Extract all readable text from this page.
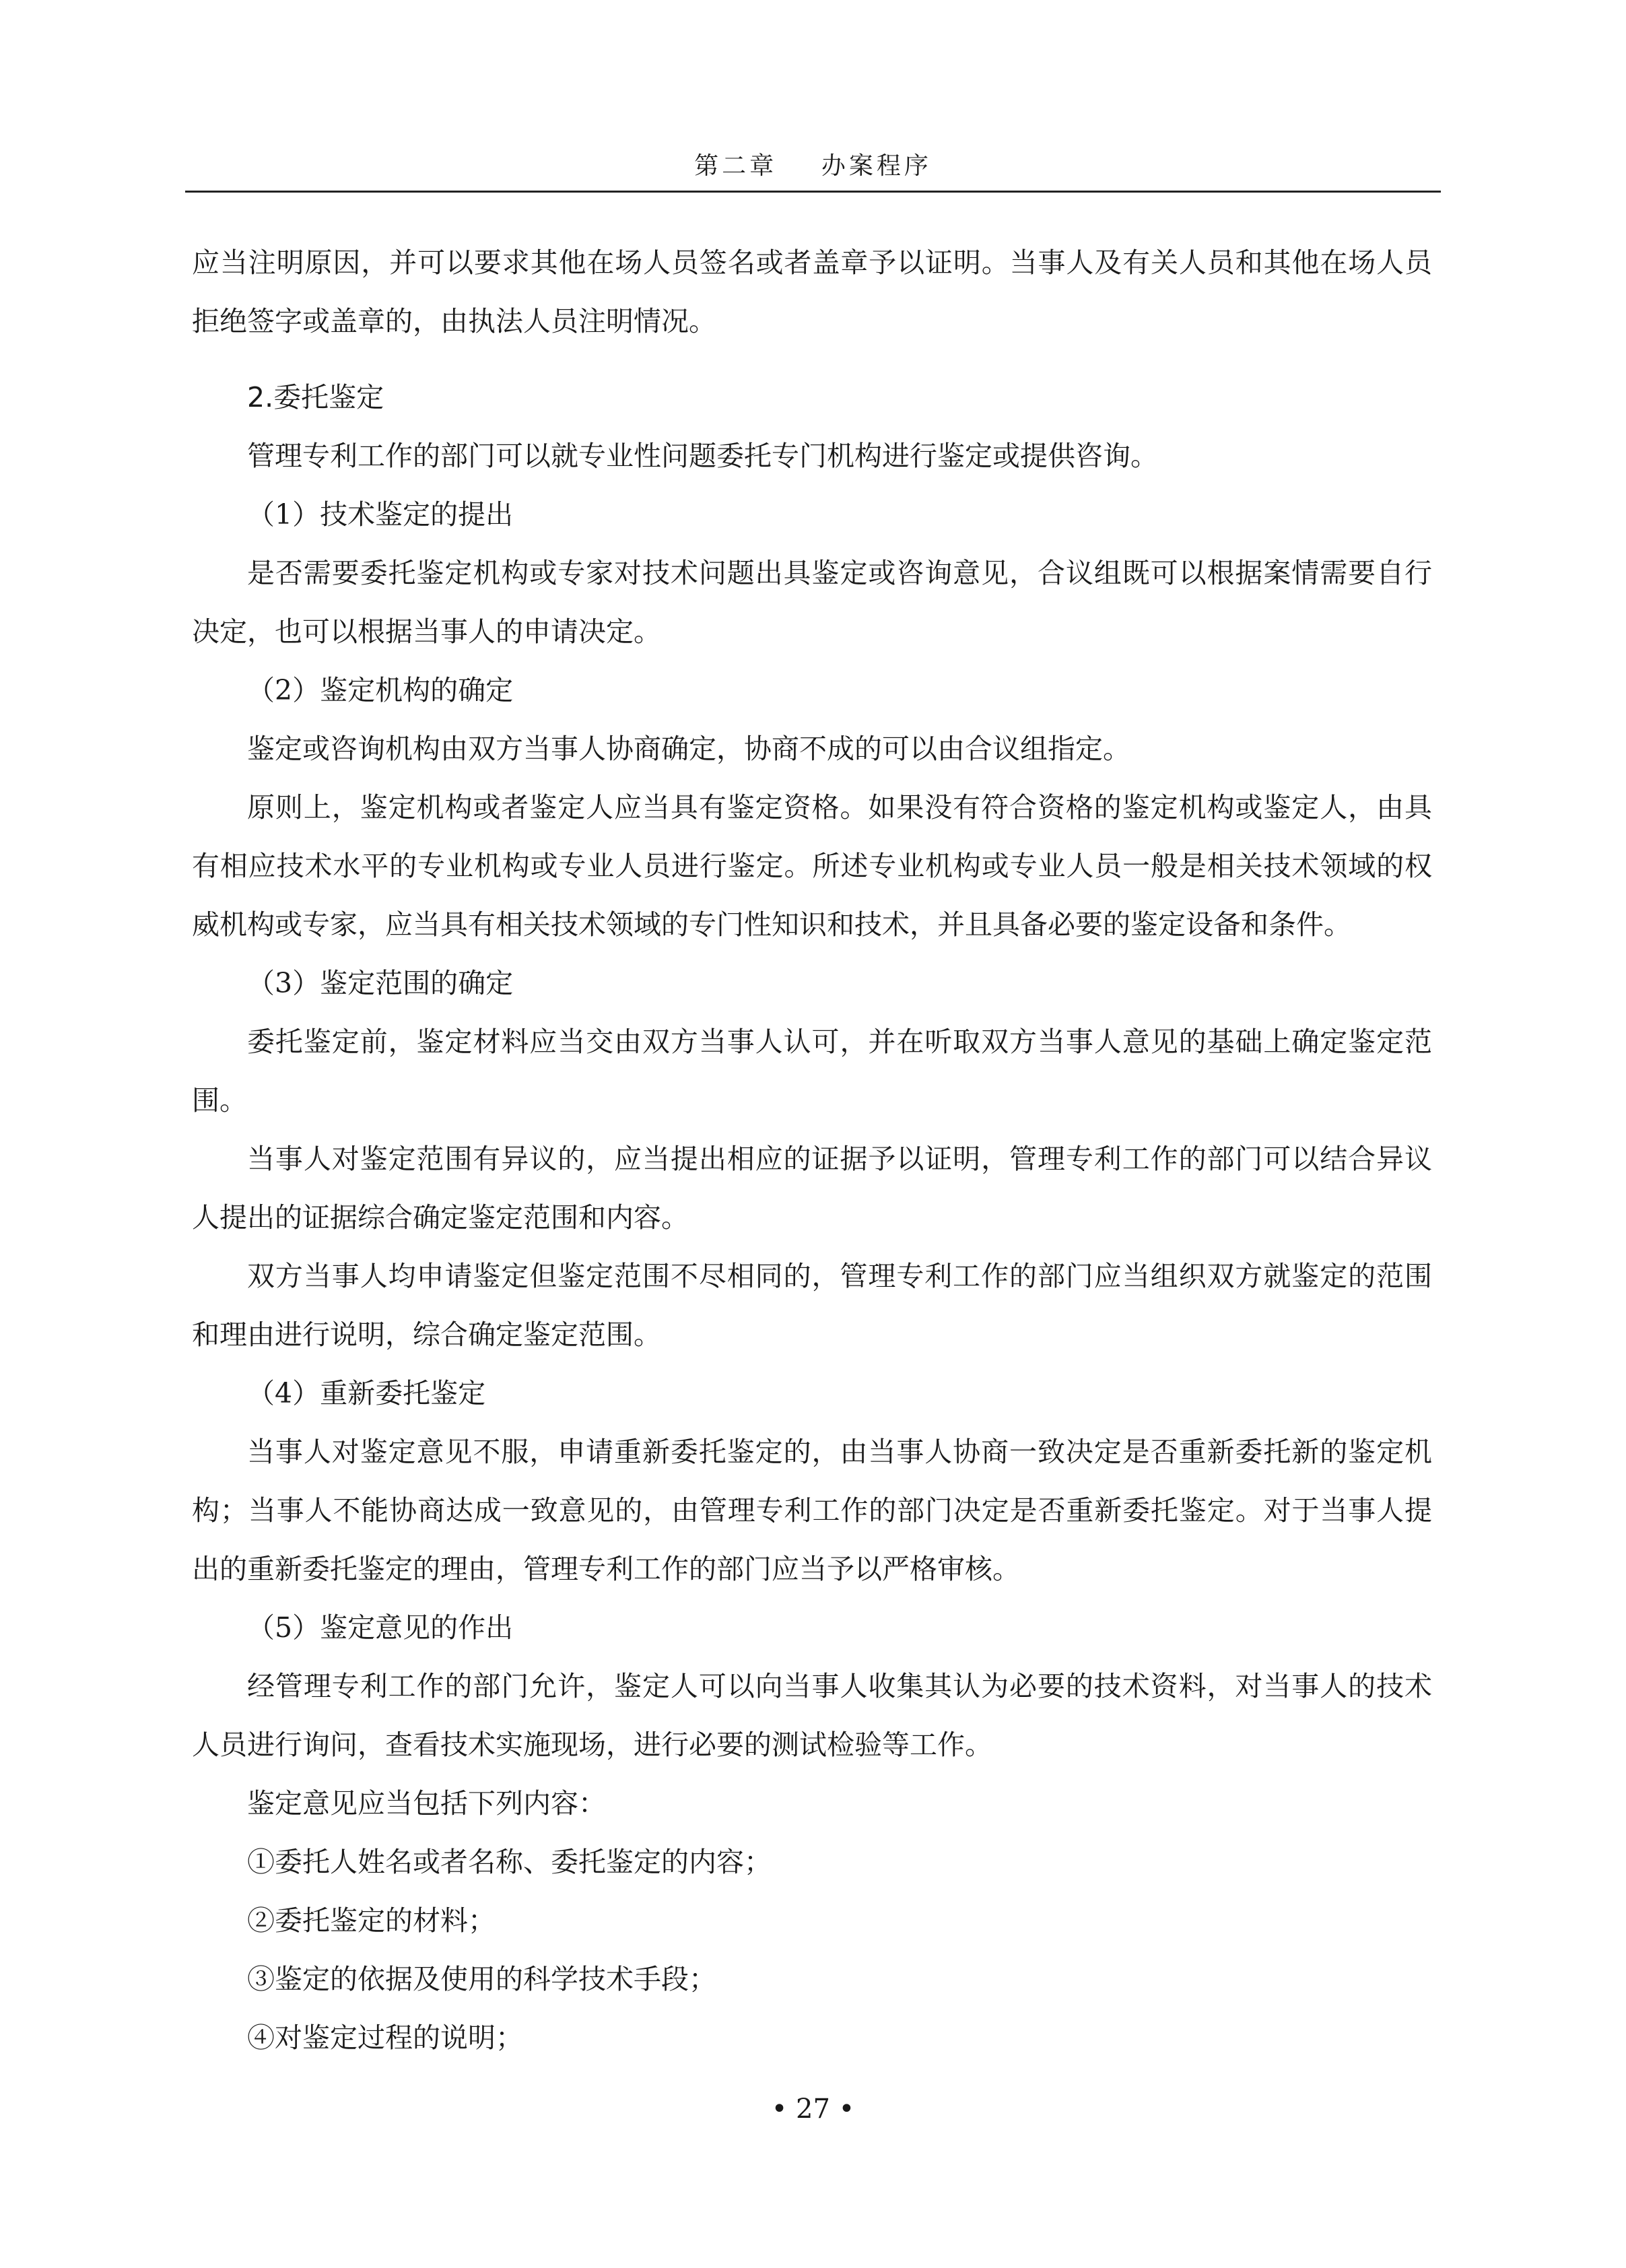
第二章 办案程序

应当注明原因，并可以要求其他在场人员签名或者盖章予以证明。当事人及有关人员和其他在场人员拒绝签字或盖章的，由执法人员注明情况。

2.委托鉴定

管理专利工作的部门可以就专业性问题委托专门机构进行鉴定或提供咨询。

（1）技术鉴定的提出

是否需要委托鉴定机构或专家对技术问题出具鉴定或咨询意见，合议组既可以根据案情需要自行决定，也可以根据当事人的申请决定。

（2）鉴定机构的确定

鉴定或咨询机构由双方当事人协商确定，协商不成的可以由合议组指定。

原则上，鉴定机构或者鉴定人应当具有鉴定资格。如果没有符合资格的鉴定机构或鉴定人，由具有相应技术水平的专业机构或专业人员进行鉴定。所述专业机构或专业人员一般是相关技术领域的权威机构或专家，应当具有相关技术领域的专门性知识和技术，并且具备必要的鉴定设备和条件。

（3）鉴定范围的确定

委托鉴定前，鉴定材料应当交由双方当事人认可，并在听取双方当事人意见的基础上确定鉴定范围。

当事人对鉴定范围有异议的，应当提出相应的证据予以证明，管理专利工作的部门可以结合异议人提出的证据综合确定鉴定范围和内容。

双方当事人均申请鉴定但鉴定范围不尽相同的，管理专利工作的部门应当组织双方就鉴定的范围和理由进行说明，综合确定鉴定范围。

（4）重新委托鉴定

当事人对鉴定意见不服，申请重新委托鉴定的，由当事人协商一致决定是否重新委托新的鉴定机构；当事人不能协商达成一致意见的，由管理专利工作的部门决定是否重新委托鉴定。对于当事人提出的重新委托鉴定的理由，管理专利工作的部门应当予以严格审核。

（5）鉴定意见的作出

经管理专利工作的部门允许，鉴定人可以向当事人收集其认为必要的技术资料，对当事人的技术人员进行询问，查看技术实施现场，进行必要的测试检验等工作。

鉴定意见应当包括下列内容：

①委托人姓名或者名称、委托鉴定的内容；

②委托鉴定的材料；

③鉴定的依据及使用的科学技术手段；

④对鉴定过程的说明；

• 27 •
